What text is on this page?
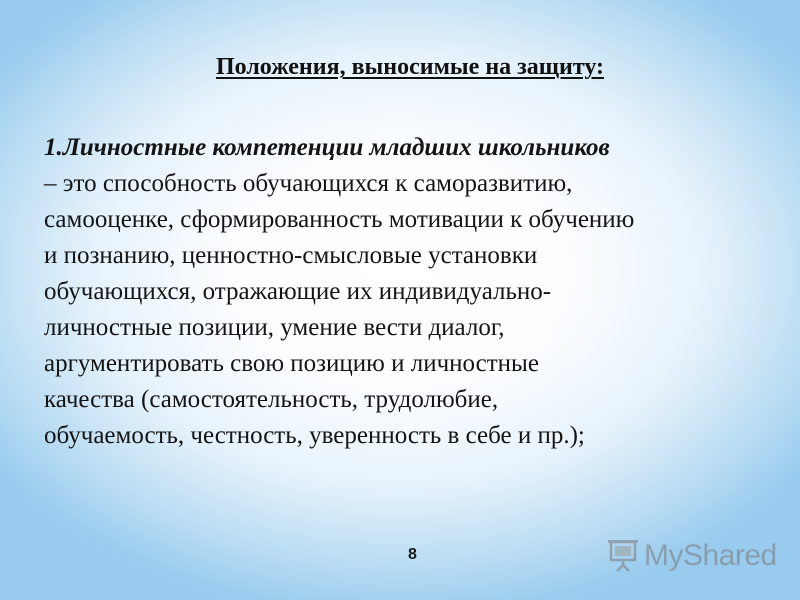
Положения, выносимые на защиту:
1.Личностные компетенции младших школьников
– это способность обучающихся к саморазвитию,
самооценке, сформированность мотивации к обучению
и познанию, ценностно-смысловые установки
обучающихся, отражающие их индивидуально-
личностные позиции, умение вести диалог,
аргументировать свою позицию и личностные
качества (самостоятельность, трудолюбие,
обучаемость, честность, уверенность в себе и пр.);
8	MyShared
